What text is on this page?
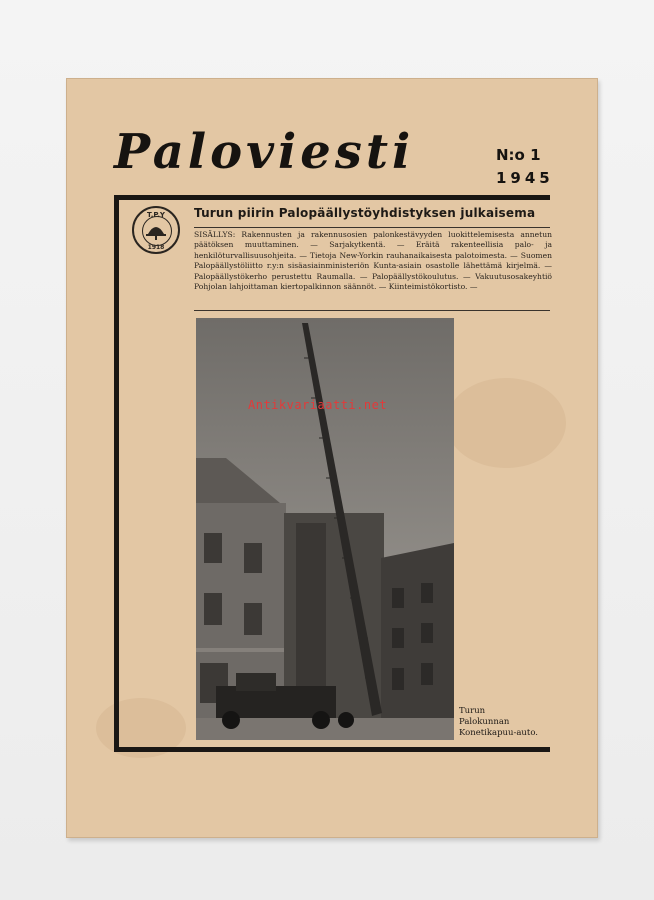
Paloviesti	N:o 1
1945
T.P.Y
1918
Turun piirin Palopäällystöyhdistyksen julkaisema
SISÄLLYS: Rakennusten ja rakennusosien palonkestävyyden luokittelemisesta annetun päätöksen muuttaminen. — Sarjakytkentä. — Eräitä rakenteellisia palo- ja henkilöturvallisuusohjeita. — Tietoja New-Yorkin rauhanaikaisesta palotoimesta. — Suomen Palopäällystöliitto r.y:n sisäasiainministeriön Kunta-asiain osastolle lähettämä kirjelmä. — Palopäällystökerho perustettu Raumalla. — Palopäällystökoulutus. — Vakuutusosakeyhtiö Pohjolan lahjoittaman kiertopalkinnon säännöt. — Kiinteimistökortisto. —
Turun
Palokunnan
Konetikapuu-auto.
Antikvariaatti.net
